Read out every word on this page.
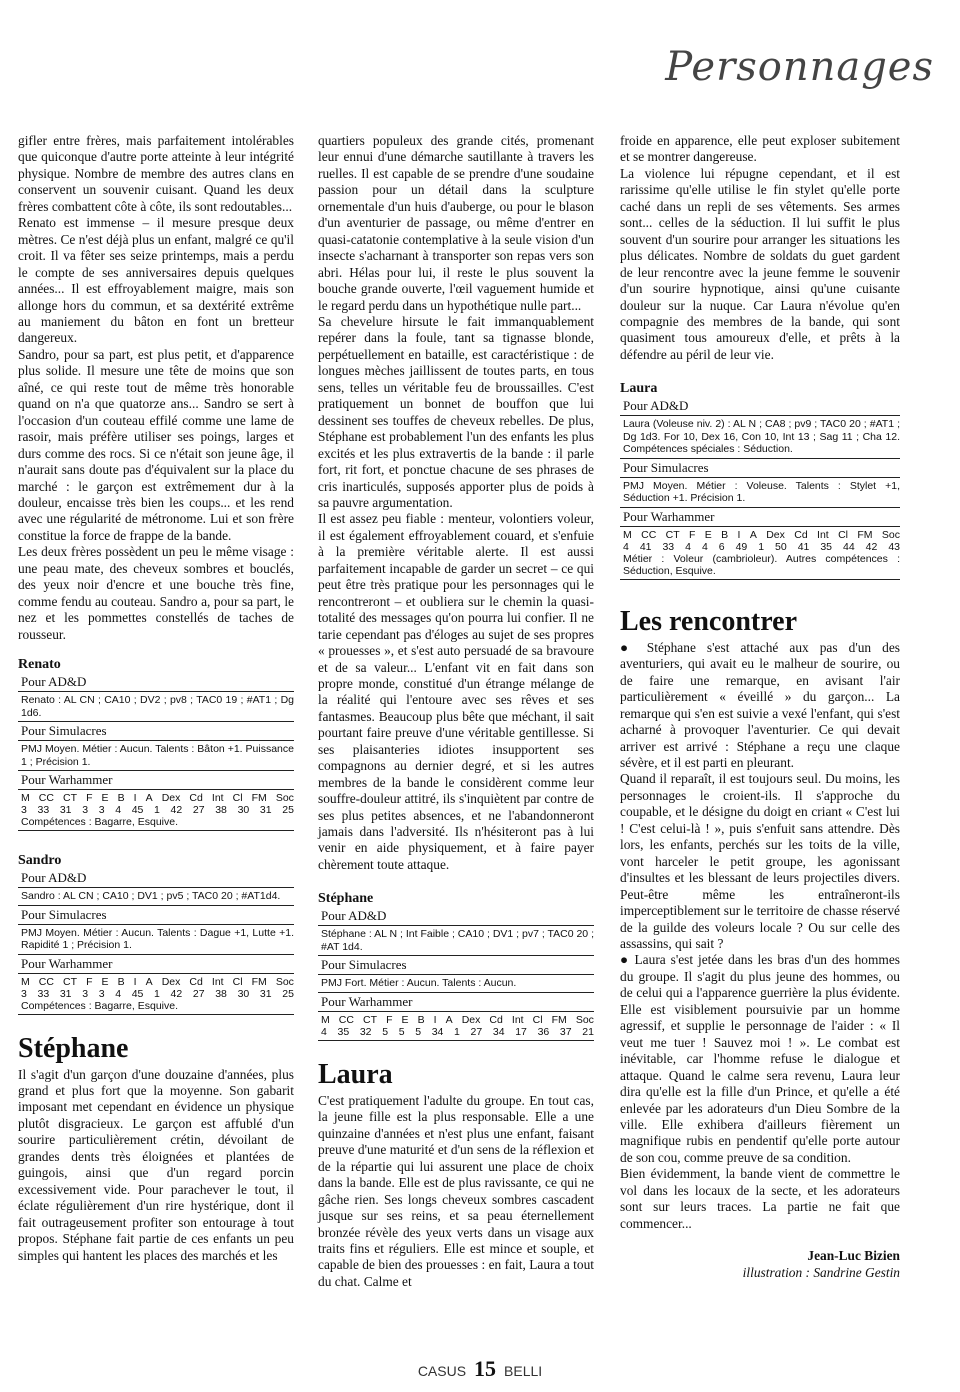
Personnages

gifler entre frères, mais parfaitement intolérables que quiconque d'autre porte atteinte à leur intégrité physique. Nombre de membre des autres clans en conservent un souvenir cuisant. Quand les deux frères combattent côte à côte, ils sont redoutables...

Renato est immense – il mesure presque deux mètres. Ce n'est déjà plus un enfant, malgré ce qu'il croit. Il va fêter ses seize printemps, mais a perdu le compte de ses anniversaires depuis quelques années... Il est effroyablement maigre, mais son allonge hors du commun, et sa dextérité extrême au maniement du bâton en font un bretteur dangereux.

Sandro, pour sa part, est plus petit, et d'apparence plus solide. Il mesure une tête de moins que son aîné, ce qui reste tout de même très honorable quand on n'a que quatorze ans... Sandro se sert à l'occasion d'un couteau effilé comme une lame de rasoir, mais préfère utiliser ses poings, larges et durs comme des rocs. Si ce n'était son jeune âge, il n'aurait sans doute pas d'équivalent sur la place du marché : le garçon est extrêmement dur à la douleur, encaisse très bien les coups... et les rend avec une régularité de métronome. Lui et son frère constitue la force de frappe de la bande.

Les deux frères possèdent un peu le même visage : une peau mate, des cheveux sombres et bouclés, des yeux noir d'encre et une bouche très fine, comme fendu au couteau. Sandro a, pour sa part, le nez et les pommettes constellés de taches de rousseur.

Renato
Pour AD&D
Renato : AL CN ; CA10 ; DV2 ; pv8 ; TAC0 19 ; #AT1 ; Dg 1d6.
Pour Simulacres
PMJ Moyen. Métier : Aucun. Talents : Bâton +1. Puissance 1 ; Précision 1.
Pour Warhammer
M CC CT F E B I A Dex Cd Int Cl FM Soc
3 33 31 3 3 4 45 1 42 27 38 30 31 25
Compétences : Bagarre, Esquive.
Sandro
Pour AD&D
Sandro : AL CN ; CA10 ; DV1 ; pv5 ; TAC0 20 ; #AT1d4.
Pour Simulacres
PMJ Moyen. Métier : Aucun. Talents : Dague +1, Lutte +1. Rapidité 1 ; Précision 1.
Pour Warhammer
M CC CT F E B I A Dex Cd Int Cl FM Soc
3 33 31 3 3 4 45 1 42 27 38 30 31 25
Compétences : Bagarre, Esquive.
Stéphane

Il s'agit d'un garçon d'une douzaine d'années, plus grand et plus fort que la moyenne. Son gabarit imposant met cependant en évidence un physique plutôt disgracieux. Le garçon est affublé d'un sourire particulièrement crétin, dévoilant de grandes dents très éloignées et plantées de guingois, ainsi que d'un regard porcin excessivement vide. Pour parachever le tout, il éclate régulièrement d'un rire hystérique, dont il fait outrageusement profiter son entourage à tout propos. Stéphane fait partie de ces enfants un peu simples qui hantent les places des marchés et les

quartiers populeux des grande cités, promenant leur ennui d'une démarche sautillante à travers les ruelles. Il est capable de se prendre d'une soudaine passion pour un détail dans la sculpture ornementale d'un huis d'auberge, ou pour le blason d'un aventurier de passage, ou même d'entrer en quasi-catatonie contemplative à la seule vision d'un insecte s'acharnant à transporter son repas vers son abri. Hélas pour lui, il reste le plus souvent la bouche grande ouverte, l'œil vaguement humide et le regard perdu dans un hypothétique nulle part...

Sa chevelure hirsute le fait immanquablement repérer dans la foule, tant sa tignasse blonde, perpétuellement en bataille, est caractéristique : de longues mèches jaillissent de toutes parts, en tous sens, telles un véritable feu de broussailles. C'est pratiquement un bonnet de bouffon que lui dessinent ses touffes de cheveux rebelles. De plus, Stéphane est probablement l'un des enfants les plus excités et les plus extravertis de la bande : il parle fort, rit fort, et ponctue chacune de ses phrases de cris inarticulés, supposés apporter plus de poids à sa pauvre argumentation.

Il est assez peu fiable : menteur, volontiers voleur, il est également effroyablement couard, et s'enfuie à la première véritable alerte. Il est aussi parfaitement incapable de garder un secret – ce qui peut être très pratique pour les personnages qui le rencontreront – et oubliera sur le chemin la quasi-totalité des messages qu'on pourra lui confier. Il ne tarie cependant pas d'éloges au sujet de ses propres « prouesses », et s'est auto persuadé de sa bravoure et de sa valeur... L'enfant vit en fait dans son propre monde, constitué d'un étrange mélange de la réalité qui l'entoure avec ses rêves et ses fantasmes. Beaucoup plus bête que méchant, il sait pourtant faire preuve d'une véritable gentillesse. Si ses plaisanteries idiotes insupportent ses compagnons au dernier degré, et si les autres membres de la bande le considèrent comme leur souffre-douleur attitré, ils s'inquiètent par contre de ses plus petites absences, et ne l'abandonneront jamais dans l'adversité. Ils n'hésiteront pas à lui venir en aide physiquement, et à faire payer chèrement toute attaque.

Stéphane
Pour AD&D
Stéphane : AL N ; Int Faible ; CA10 ; DV1 ; pv7 ; TAC0 20 ; #AT 1d4.
Pour Simulacres
PMJ Fort. Métier : Aucun. Talents : Aucun.
Pour Warhammer
M CC CT F E B I A Dex Cd Int Cl FM Soc
4 35 32 5 5 5 34 1 27 34 17 36 37 21
Laura

C'est pratiquement l'adulte du groupe. En tout cas, la jeune fille est la plus responsable. Elle a une quinzaine d'années et n'est plus une enfant, faisant preuve d'une maturité et d'un sens de la réflexion et de la répartie qui lui assurent une place de choix dans la bande. Elle est de plus ravissante, ce qui ne gâche rien. Ses longs cheveux sombres cascadent jusque sur ses reins, et sa peau éternellement bronzée révèle des yeux verts dans un visage aux traits fins et réguliers. Elle est mince et souple, et capable de bien des prouesses : en fait, Laura a tout du chat. Calme et

froide en apparence, elle peut exploser subitement et se montrer dangereuse.

La violence lui répugne cependant, et il est rarissime qu'elle utilise le fin stylet qu'elle porte caché dans un repli de ses vêtements. Ses armes sont... celles de la séduction. Il lui suffit le plus souvent d'un sourire pour arranger les situations les plus délicates. Nombre de soldats du guet gardent de leur rencontre avec la jeune femme le souvenir d'un sourire hypnotique, ainsi qu'une cuisante douleur sur la nuque. Car Laura n'évolue qu'en compagnie des membres de la bande, qui sont quasiment tous amoureux d'elle, et prêts à la défendre au péril de leur vie.

Laura
Pour AD&D
Laura (Voleuse niv. 2) : AL N ; CA8 ; pv9 ; TAC0 20 ; #AT1 ; Dg 1d3. For 10, Dex 16, Con 10, Int 13 ; Sag 11 ; Cha 12. Compétences spéciales : Séduction.
Pour Simulacres
PMJ Moyen. Métier : Voleuse. Talents : Stylet +1, Séduction +1. Précision 1.
Pour Warhammer
M CC CT F E B I A Dex Cd Int Cl FM Soc
4 41 33 4 4 6 49 1 50 41 35 44 42 43
Métier : Voleur (cambrioleur). Autres compétences : Séduction, Esquive.
Les rencontrer

● Stéphane s'est attaché aux pas d'un des aventuriers, qui avait eu le malheur de sourire, ou de faire une remarque, en avisant l'air particulièrement « éveillé » du garçon... La remarque qui s'en est suivie a vexé l'enfant, qui s'est acharné à provoquer l'aventurier. Ce qui devait arriver est arrivé : Stéphane a reçu une claque sévère, et il est parti en pleurant.

Quand il reparaît, il est toujours seul. Du moins, les personnages le croient-ils. Il s'approche du coupable, et le désigne du doigt en criant « C'est lui ! C'est celui-là ! », puis s'enfuit sans attendre. Dès lors, les enfants, perchés sur les toits de la ville, vont harceler le petit groupe, les agonissant d'insultes et les blessant de leurs projectiles divers. Peut-être même les entraîneront-ils imperceptiblement sur le territoire de chasse réservé de la guilde des voleurs locale ? Ou sur celle des assassins, qui sait ?

● Laura s'est jetée dans les bras d'un des hommes du groupe. Il s'agit du plus jeune des hommes, ou de celui qui a l'apparence guerrière la plus évidente. Elle est visiblement poursuivie par un homme agressif, et supplie le personnage de l'aider : « Il veut me tuer ! Sauvez moi ! ». Le combat est inévitable, car l'homme refuse le dialogue et attaque. Quand le calme sera revenu, Laura leur dira qu'elle est la fille d'un Prince, et qu'elle a été enlevée par les adorateurs d'un Dieu Sombre de la ville. Elle exhibera d'ailleurs fièrement un magnifique rubis en pendentif qu'elle porte autour de son cou, comme preuve de sa condition.

Bien évidemment, la bande vient de commettre le vol dans les locaux de la secte, et les adorateurs sont sur leurs traces. La partie ne fait que commencer...

Jean-Luc Bizien
illustration : Sandrine Gestin
CASUS 15 BELLI
